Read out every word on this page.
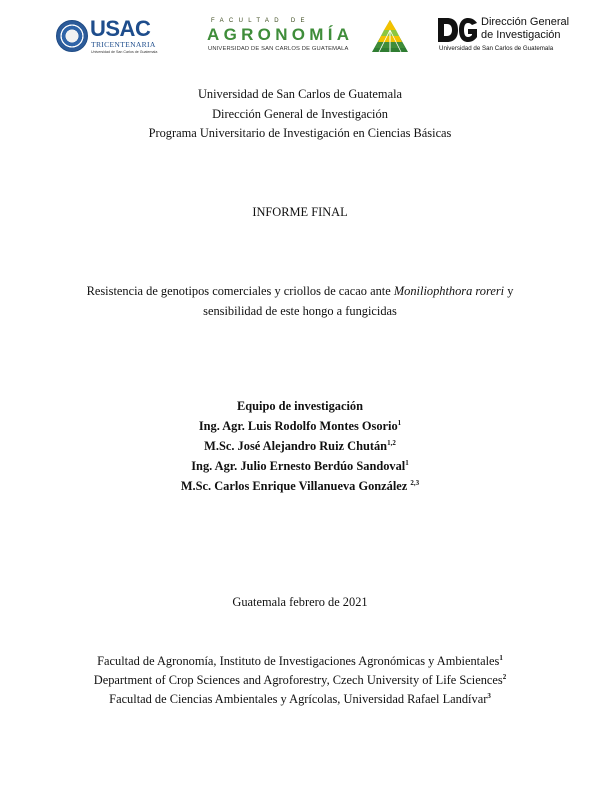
USAC
TRICENTENARIA
Universidad de San Carlos de Guatemala
FACULTAD DE
AGRONOMÍA
UNIVERSIDAD DE SAN CARLOS DE GUATEMALA
Dirección General
de Investigación
Universidad de San Carlos de Guatemala
Universidad de San Carlos de Guatemala
Dirección General de Investigación
Programa Universitario de Investigación en Ciencias Básicas
INFORME FINAL
Resistencia de genotipos comerciales y criollos de cacao ante Moniliophthora roreri y
sensibilidad de este hongo a fungicidas
Equipo de investigación
Ing. Agr. Luis Rodolfo Montes Osorio$^1$
M.Sc. José Alejandro Ruiz Chután$^{1,2}$
Ing. Agr. Julio Ernesto Berdúo Sandoval$^1$
M.Sc. Carlos Enrique Villanueva González $^{2,3}$
Guatemala febrero de 2021
Facultad de Agronomía, Instituto de Investigaciones Agronómicas y Ambientales$^1$
Department of Crop Sciences and Agroforestry, Czech University of Life Sciences$^2$
Facultad de Ciencias Ambientales y Agrícolas, Universidad Rafael Landívar$^3$
